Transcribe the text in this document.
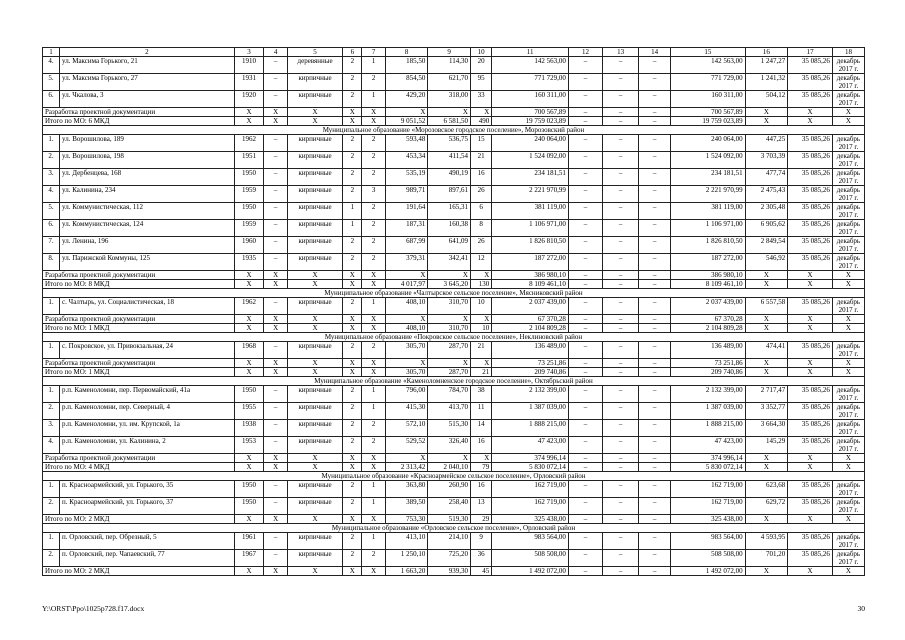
1	2	3	4	5	6	7	8	9	10	11	12	13	14	15	16	17	18
4.	ул. Максима Горького, 21	1910	–	деревянные	2	1	185,50	114,30	20	142 563,00	–	–	–	142 563,00	1 247,27	35 085,26	декабрь
2017 г.

5.	ул. Максима Горького, 27	1931	–	кирпичные	2	2	854,50	621,70	95	771 729,00	–	–	–	771 729,00	1 241,32	35 085,26	декабрь
2017 г.

6.	ул. Чкалова, 3	1920	–	кирпичные	2	1	429,20	318,00	33	160 311,00	–	–	–	160 311,00	504,12	35 085,26	декабрь
2017 г.

Разработка проектной документации		X	X	X	X	X	X	X	X	700 567,89	–	–	–	700 567,89	X	X	X
Итого по МО: 6 МКД		X	X	X	X	X	9 051,52	6 581,50	490	19 759 023,89	–	–	–	19 759 023,89	X	X	X
Муниципальное образование «Морозовское городское поселение», Морозовский район																	
1.	ул. Ворошилова, 189	1962	–	кирпичные	2	2	593,48	536,75	15	240 064,00	–	–	–	240 064,00	447,25	35 085,26	декабрь
2017 г.

2.	ул. Ворошилова, 198	1951	–	кирпичные	2	2	453,34	411,54	21	1 524 092,00	–	–	–	1 524 092,00	3 703,39	35 085,26	декабрь
2017 г.

3.	ул. Дербенцева, 168	1950	–	кирпичные	2	2	535,19	490,19	16	234 181,51	–	–	–	234 181,51	477,74	35 085,26	декабрь
2017 г.

4.	ул. Калинина, 234	1959	–	кирпичные	2	3	989,71	897,61	26	2 221 970,99	–	–	–	2 221 970,99	2 475,43	35 085,26	декабрь
2017 г.

5.	ул. Коммунистическая, 112	1950	–	кирпичные	1	2	191,64	165,31	6	381 119,00	–	–	–	381 119,00	2 305,48	35 085,26	декабрь
2017 г.

6.	ул. Коммунистическая, 124	1959	–	кирпичные	1	2	187,31	160,38	8	1 106 971,00	–	–	–	1 106 971,00	6 905,62	35 085,26	декабрь
2017 г.

7.	ул. Ленина, 196	1960	–	кирпичные	2	2	687,99	641,09	26	1 826 810,50	–	–	–	1 826 810,50	2 849,54	35 085,26	декабрь
2017 г.

8.	ул. Парижской Коммуны, 125	1935	–	кирпичные	2	2	379,31	342,41	12	187 272,00	–	–	–	187 272,00	546,92	35 085,26	декабрь
2017 г.

Разработка проектной документации		X	X	X	X	X	X	X	X	386 980,10	–	–	–	386 980,10	X	X	X
Итого по МО: 8 МКД		X	X	X	X	X	4 017,97	3 645,20	130	8 109 461,10	–	–	–	8 109 461,10	X	X	X
Муниципальное образование «Чалтырское сельское поселение», Мясниковский район																	
1.	с. Чалтырь, ул. Социалистическая, 18	1962	–	кирпичные	2	1	408,10	310,70	10	2 037 439,00	–	–	–	2 037 439,00	6 557,58	35 085,26	декабрь
2017 г.

Разработка проектной документации		X	X	X	X	X	X	X	X	67 370,28	–	–	–	67 370,28	X	X	X
Итого по МО: 1 МКД		X	X	X	X	X	408,10	310,70	10	2 104 809,28	–	–	–	2 104 809,28	X	X	X
Муниципальное образование «Покровское сельское поселение», Неклиновский район																	
1.	с. Покровское, ул. Привокзальная, 24	1968	–	кирпичные	2	2	305,70	287,70	21	136 489,00	–	–	–	136 489,00	474,41	35 085,26	декабрь
2017 г.

Разработка проектной документации		X	X	X	X	X	X	X	X	73 251,86	–	–	–	73 251,86	X	X	X
Итого по МО: 1 МКД		X	X	X	X	X	305,70	287,70	21	209 740,86	–	–	–	209 740,86	X	X	X
Муниципальное образование «Каменоломненское городское поселение», Октябрьский район																	
1.	р.п. Каменоломни, пер. Первомайский, 41а	1950	–	кирпичные	2	1	796,00	784,70	38	2 132 399,00	–	–	–	2 132 399,00	2 717,47	35 085,26	декабрь
2017 г.

2.	р.п. Каменоломни, пер. Северный, 4	1955	–	кирпичные	2	1	415,30	413,70	11	1 387 039,00	–	–	–	1 387 039,00	3 352,77	35 085,26	декабрь
2017 г.

3.	р.п. Каменоломни, ул. им. Крупской, 1а	1938	–	кирпичные	2	2	572,10	515,30	14	1 888 215,00	–	–	–	1 888 215,00	3 664,30	35 085,26	декабрь
2017 г.

4.	р.п. Каменоломни, ул. Калинина, 2	1953	–	кирпичные	2	2	529,52	326,40	16	47 423,00	–	–	–	47 423,00	145,29	35 085,26	декабрь
2017 г.

Разработка проектной документации		X	X	X	X	X	X	X	X	374 996,14	–	–	–	374 996,14	X	X	X
Итого по МО: 4 МКД		X	X	X	X	X	2 313,42	2 040,10	79	5 830 072,14	–	–	–	5 830 072,14	X	X	X
Муниципальное образование «Красноармейское сельское поселение», Орловский район																	
1.	п. Красноармейский, ул. Горького, 35	1950	–	кирпичные	2	1	363,80	260,90	16	162 719,00	–	–	–	162 719,00	623,68	35 085,26	декабрь
2017 г.

2.	п. Красноармейский, ул. Горького, 37	1950	–	кирпичные	2	1	389,50	258,40	13	162 719,00	–	–	–	162 719,00	629,72	35 085,26	декабрь
2017 г.

Итого по МО: 2 МКД		X	X	X	X	X	753,30	519,30	29	325 438,00	–	–	–	325 438,00	X	X	X
Муниципальное образование «Орловское сельское поселение», Орловский район																	
1.	п. Орловский, пер. Обрезный, 5	1961	–	кирпичные	2	1	413,10	214,10	9	983 564,00	–	–	–	983 564,00	4 593,95	35 085,26	декабрь
2017 г.

2.	п. Орловский, пер. Чапаевский, 77	1967	–	кирпичные	2	2	1 250,10	725,20	36	508 508,00	–	–	–	508 508,00	701,20	35 085,26	декабрь
2017 г.

Итого по МО: 2 МКД		X	X	X	X	X	1 663,20	939,30	45	1 492 072,00	–	–	–	1 492 072,00	X	X	X
Y:\ORST\Ppo\1025p728.f17.docx	30
